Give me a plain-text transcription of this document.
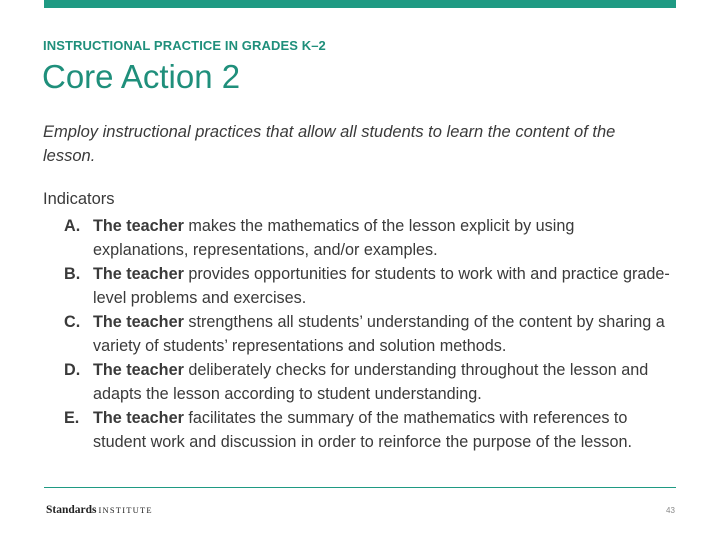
INSTRUCTIONAL PRACTICE IN GRADES K–2
Core Action 2
Employ instructional practices that allow all students to learn the content of the lesson.
Indicators
A. The teacher makes the mathematics of the lesson explicit by using explanations, representations, and/or examples.
B. The teacher provides opportunities for students to work with and practice grade-level problems and exercises.
C. The teacher strengthens all students’ understanding of the content by sharing a variety of students’ representations and solution methods.
D. The teacher deliberately checks for understanding throughout the lesson and adapts the lesson according to student understanding.
E. The teacher facilitates the summary of the mathematics with references to student work and discussion in order to reinforce the purpose of the lesson.
Standards INSTITUTE	43
